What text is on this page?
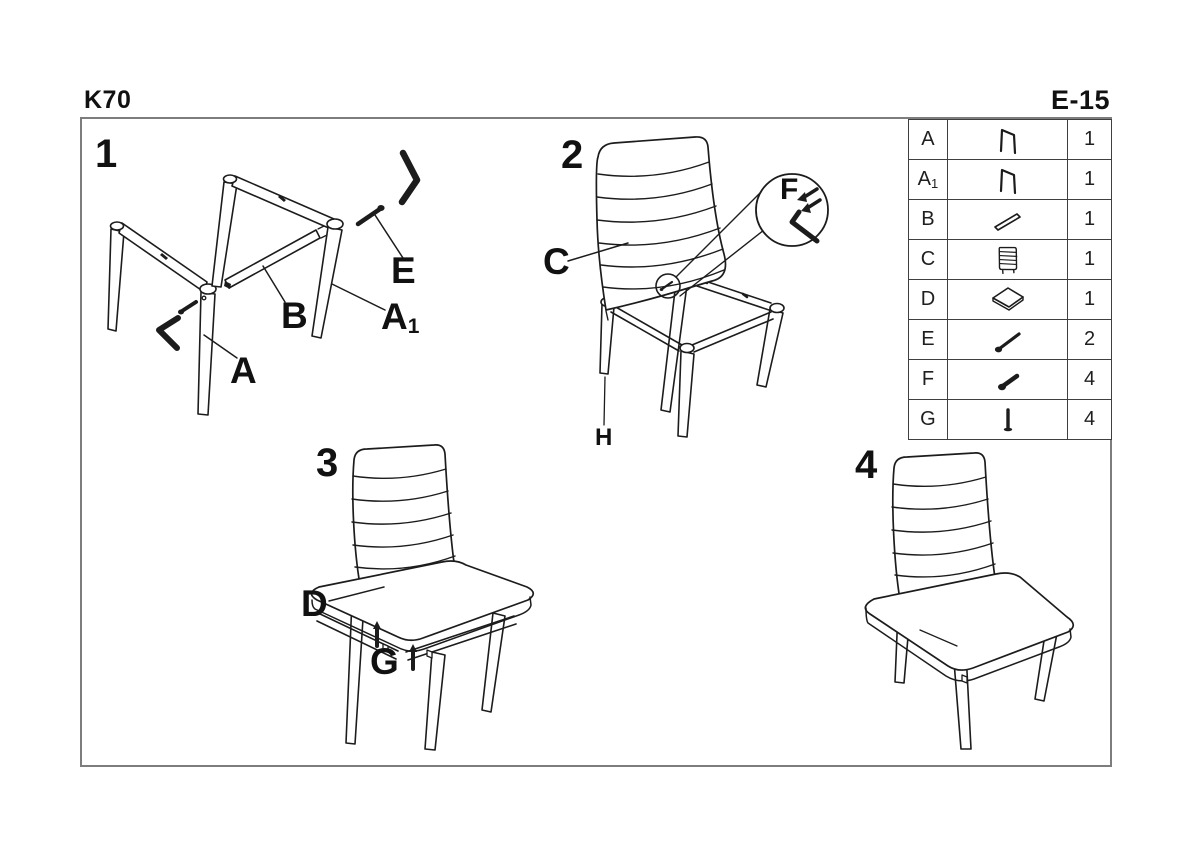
K70	E-15
1
A
B A1
E
2
C
F
H
3
D
G
4
A		1
A1		1
B		1
C		1
D		1
E		2
F		4
G		4
